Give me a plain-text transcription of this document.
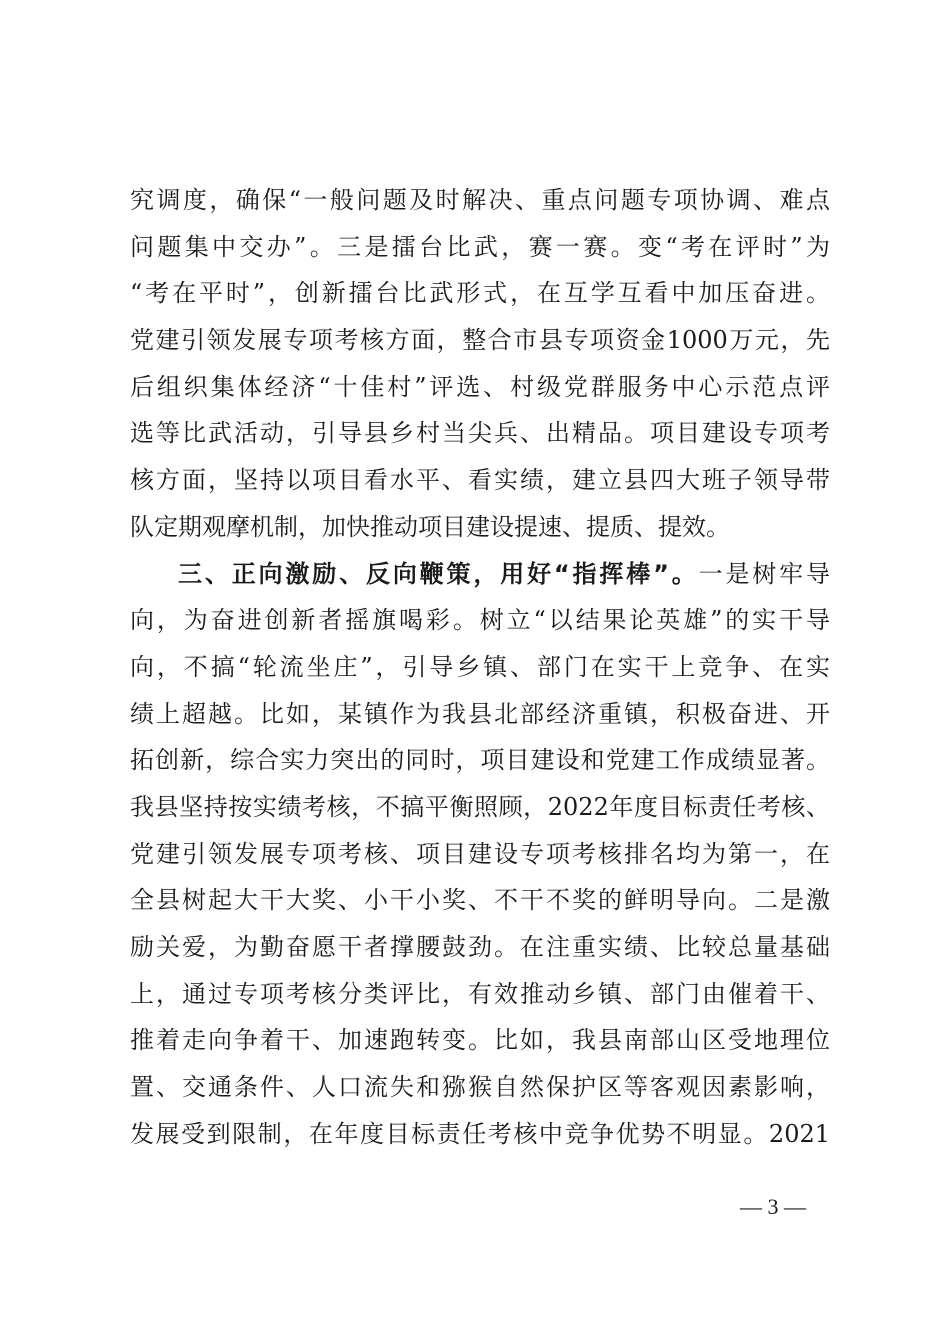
究调度，确保“一般问题及时解决、重点问题专项协调、难点
问题集中交办”。三是擂台比武，赛一赛。变“考在评时”为
“考在平时”，创新擂台比武形式，在互学互看中加压奋进。
党建引领发展专项考核方面，整合市县专项资金1000万元，先
后组织集体经济“十佳村”评选、村级党群服务中心示范点评
选等比武活动，引导县乡村当尖兵、出精品。项目建设专项考
核方面，坚持以项目看水平、看实绩，建立县四大班子领导带
队定期观摩机制，加快推动项目建设提速、提质、提效。
三、正向激励、反向鞭策，用好“指挥棒”。一是树牢导
向，为奋进创新者摇旗喝彩。树立“以结果论英雄”的实干导
向，不搞“轮流坐庄”，引导乡镇、部门在实干上竞争、在实
绩上超越。比如，某镇作为我县北部经济重镇，积极奋进、开
拓创新，综合实力突出的同时，项目建设和党建工作成绩显著。
我县坚持按实绩考核，不搞平衡照顾，2022年度目标责任考核、
党建引领发展专项考核、项目建设专项考核排名均为第一，在
全县树起大干大奖、小干小奖、不干不奖的鲜明导向。二是激
励关爱，为勤奋愿干者撑腰鼓劲。在注重实绩、比较总量基础
上，通过专项考核分类评比，有效推动乡镇、部门由催着干、
推着走向争着干、加速跑转变。比如，我县南部山区受地理位
置、交通条件、人口流失和猕猴自然保护区等客观因素影响，
发展受到限制，在年度目标责任考核中竞争优势不明显。2021
— 3 —
